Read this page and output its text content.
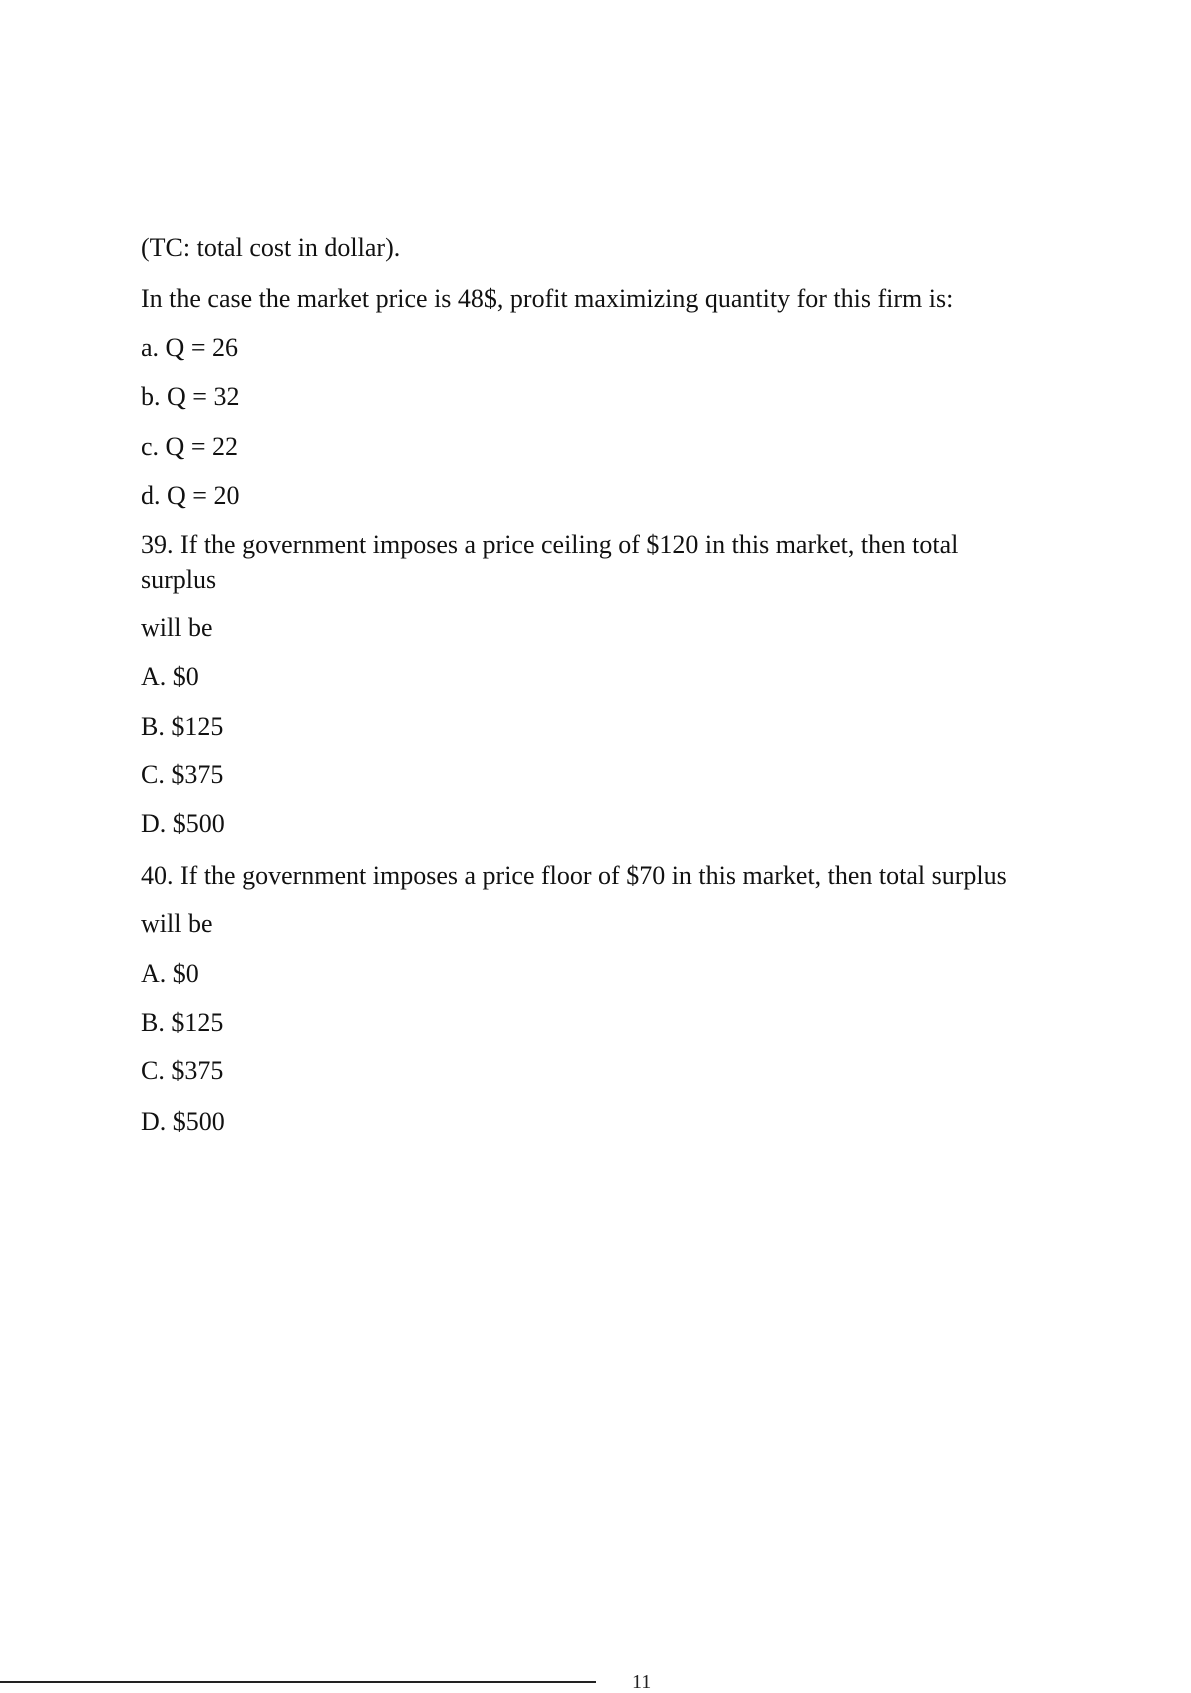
(TC: total cost in dollar).

In the case the market price is 48$, profit maximizing quantity for this firm is:

a. Q = 26

b. Q = 32

c. Q = 22

d. Q = 20

39. If the government imposes a price ceiling of $120 in this market, then total

surplus

will be

A. $0

B. $125

C. $375

D. $500

40. If the government imposes a price floor of $70 in this market, then total surplus

will be

A. $0

B. $125

C. $375

D. $500

11
